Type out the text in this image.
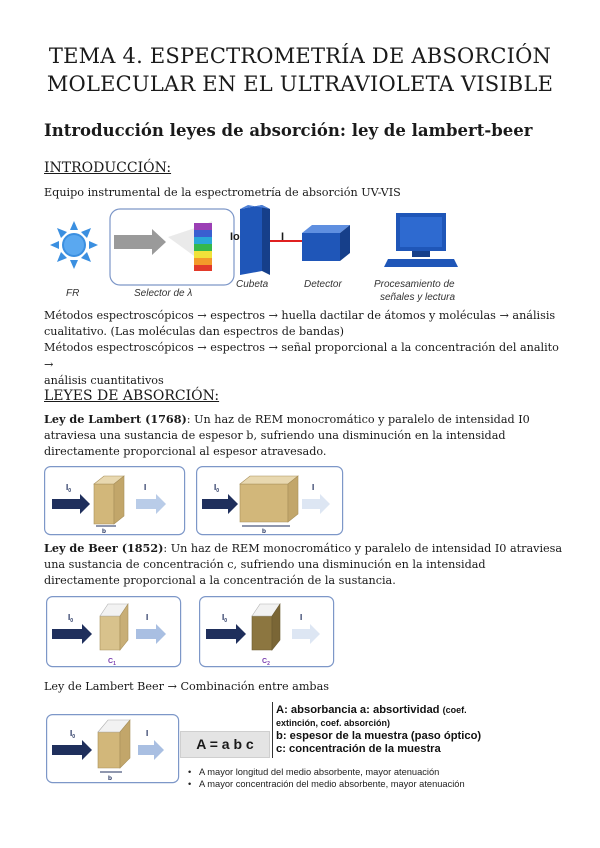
TEMA 4. ESPECTROMETRÍA DE ABSORCIÓN
MOLECULAR EN EL ULTRAVIOLETA VISIBLE
Introducción leyes de absorción: ley de lambert-beer
INTRODUCCIÓN:
Equipo instrumental de la espectrometría de absorción UV-VIS
Io	I
FR	Selector de λ
Cubeta	Detector	Procesamiento de
señales y lectura
Métodos espectroscópicos → espectros → huella dactilar de átomos y moléculas → análisis
cualitativo. (Las moléculas dan espectros de bandas)
Métodos espectroscópicos → espectros → señal proporcional a la concentración del analito →
análisis cuantitativos
LEYES DE ABSORCIÓN:
Ley de Lambert (1768): Un haz de REM monocromático y paralelo de intensidad I0
atraviesa una sustancia de espesor b, sufriendo una disminución en la intensidad
directamente proporcional al espesor atravesado.
$I_0$
b
I	$I_0$
b
I
Ley de Beer (1852): Un haz de REM monocromático y paralelo de intensidad I0 atraviesa
una sustancia de concentración c, sufriendo una disminución en la intensidad
directamente proporcional a la concentración de la sustancia.
$I_0$
$C_1$
I	$I_0$
$C_2$
I
Ley de Lambert Beer → Combinación entre ambas
$I_0$
b
I
A = a b c
A: absorbancia a: absortividad (coef.
extinción, coef. absorción)
b: espesor de la muestra (paso óptico)
c: concentración de la muestra
•   A mayor longitud del medio absorbente, mayor atenuación
•   A mayor concentración del medio absorbente, mayor atenuación
